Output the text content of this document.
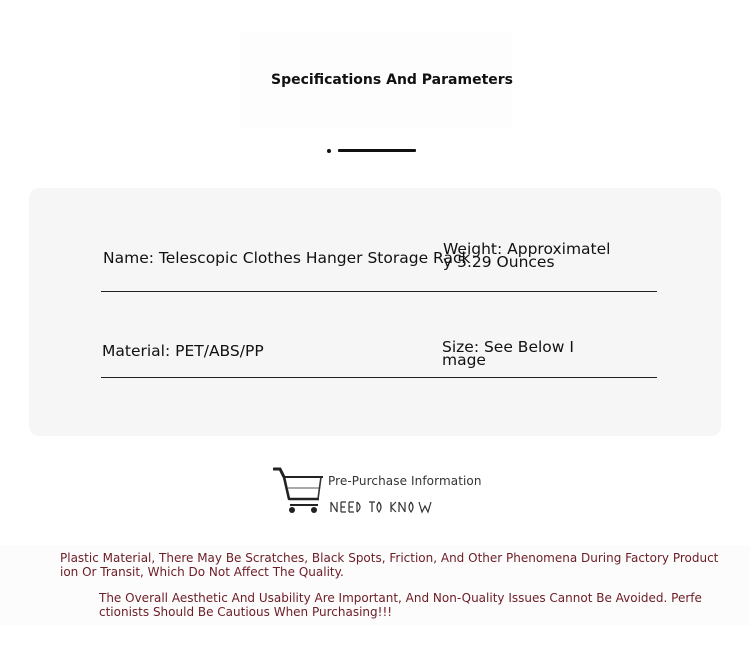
Specifications And Parameters
Name: Telescopic Clothes Hanger Storage Rack
Weight: Approximatel
y 5.29 Ounces
Material: PET/ABS/PP	Size: See Below I
mage
Pre-Purchase Information
Plastic Material, There May Be Scratches, Black Spots, Friction, And Other Phenomena During Factory Product
ion Or Transit, Which Do Not Affect The Quality.
The Overall Aesthetic And Usability Are Important, And Non-Quality Issues Cannot Be Avoided. Perfe
ctionists Should Be Cautious When Purchasing!!!
